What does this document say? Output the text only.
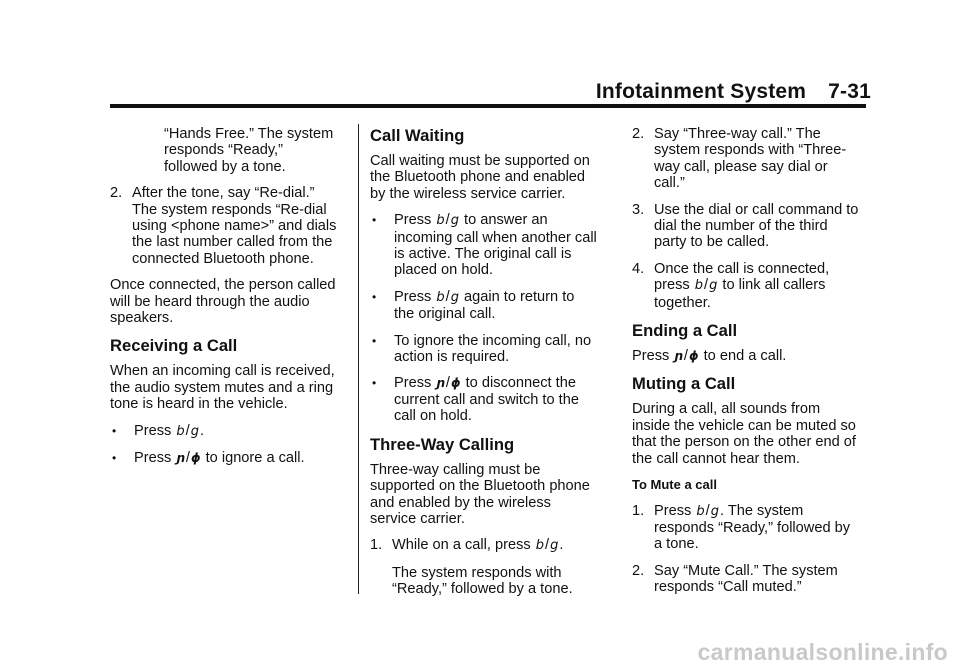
Infotainment System 7-31
“Hands Free.” The system responds “Ready,” followed by a tone.
2. After the tone, say “Re-dial.” The system responds “Re-dial using <phone name>” and dials the last number called from the connected Bluetooth phone.

Once connected, the person called will be heard through the audio speakers.

Receiving a Call

When an incoming call is received, the audio system mutes and a ring tone is heard in the vehicle.

•	Press b/g.
•	Press ɲ/ɸ to ignore a call.
Call Waiting

Call waiting must be supported on the Bluetooth phone and enabled by the wireless service carrier.

•	Press b/g to answer an incoming call when another call is active. The original call is placed on hold.
•	Press b/g again to return to the original call.
•	To ignore the incoming call, no action is required.
•	Press ɲ/ɸ to disconnect the current call and switch to the call on hold.
Three-Way Calling

Three-way calling must be supported on the Bluetooth phone and enabled by the wireless service carrier.

1. While on a call, press b/g.
The system responds with “Ready,” followed by a tone.
2. Say “Three-way call.” The system responds with “Three-way call, please say dial or call.”
3. Use the dial or call command to dial the number of the third party to be called.
4. Once the call is connected, press b/g to link all callers together.
Ending a Call

Press ɲ/ɸ to end a call.

Muting a Call

During a call, all sounds from inside the vehicle can be muted so that the person on the other end of the call cannot hear them.

To Mute a call
1. Press b/g. The system responds “Ready,” followed by a tone.
2. Say “Mute Call.” The system responds “Call muted.”
carmanualsonline.info
